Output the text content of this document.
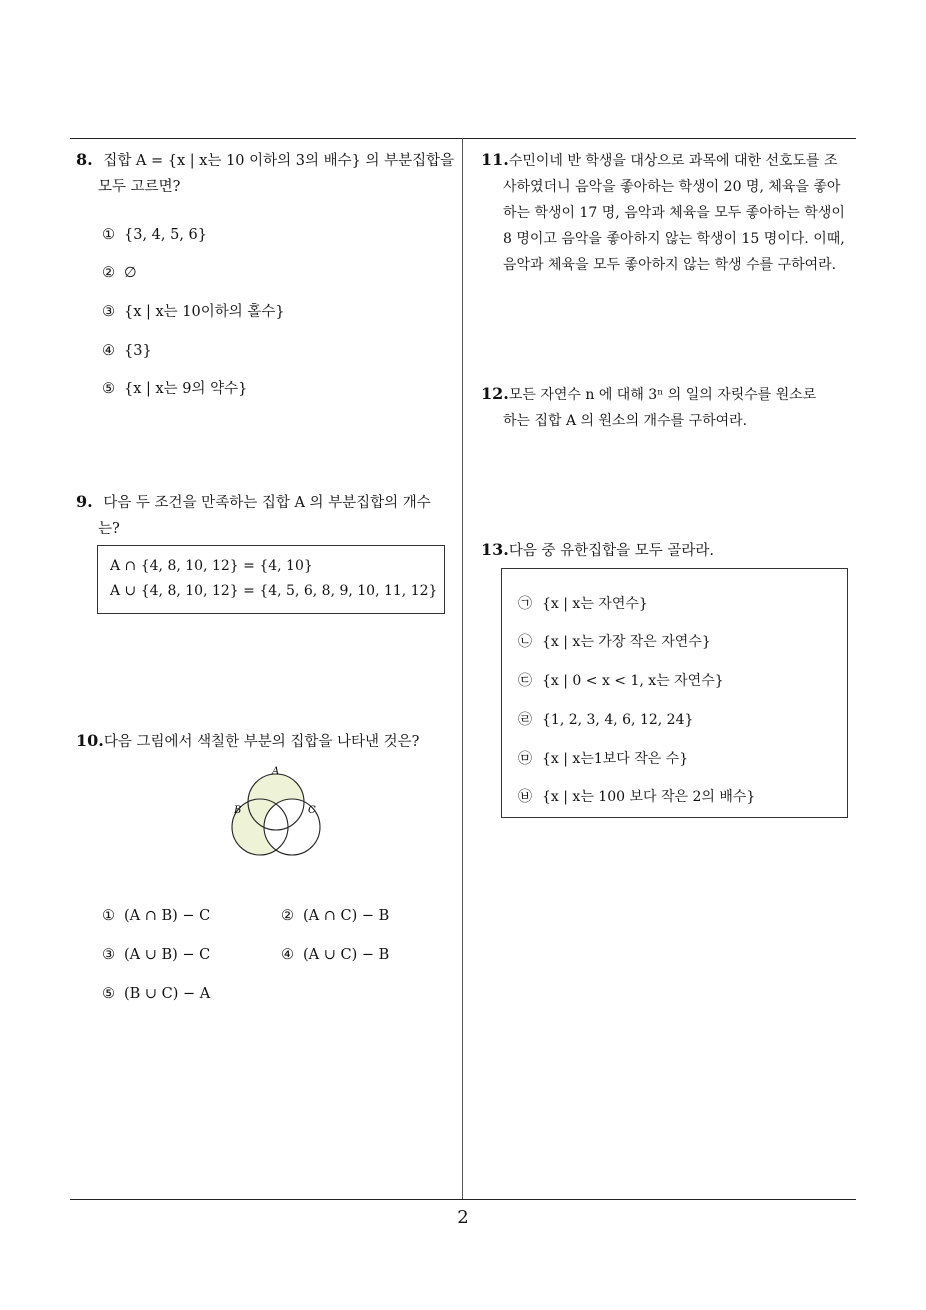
8. 집합 A = {x | x는 10 이하의 3의 배수} 의 부분집합을
모두 고르면?
① {3, 4, 5, 6}
② ∅
③ {x | x는 10이하의 홀수}
④ {3}
⑤ {x | x는 9의 약수}
9. 다음 두 조건을 만족하는 집합 A 의 부분집합의 개수
는?
A ∩ {4, 8, 10, 12} = {4, 10}
A ∪ {4, 8, 10, 12} = {4, 5, 6, 8, 9, 10, 11, 12}
10.다음 그림에서 색칠한 부분의 집합을 나타낸 것은?
A
B	C
① (A ∩ B) − C	② (A ∩ C) − B
③ (A ∪ B) − C	④ (A ∪ C) − B
⑤ (B ∪ C) − A
11.수민이네 반 학생을 대상으로 과목에 대한 선호도를 조
사하였더니 음악을 좋아하는 학생이 20 명, 체육을 좋아
하는 학생이 17 명, 음악과 체육을 모두 좋아하는 학생이
8 명이고 음악을 좋아하지 않는 학생이 15 명이다. 이때,
음악과 체육을 모두 좋아하지 않는 학생 수를 구하여라.
12.모든 자연수 n 에 대해 3ⁿ 의 일의 자릿수를 원소로
하는 집합 A 의 원소의 개수를 구하여라.
13.다음 중 유한집합을 모두 골라라.
㉠ {x | x는 자연수}
㉡ {x | x는 가장 작은 자연수}
㉢ {x | 0 < x < 1, x는 자연수}
㉣ {1, 2, 3, 4, 6, 12, 24}
㉤ {x | x는1보다 작은 수}
㉥ {x | x는 100 보다 작은 2의 배수}
2
